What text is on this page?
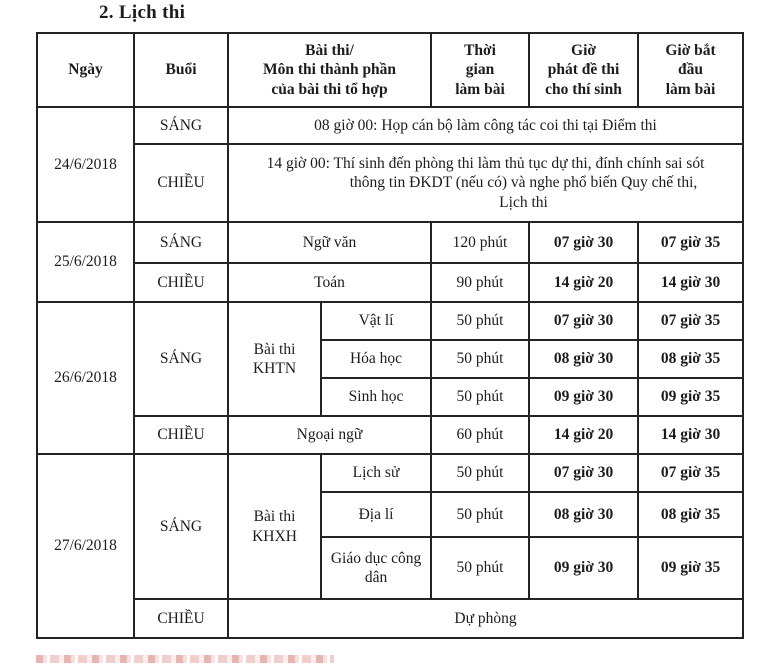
2. Lịch thi
Ngày	Buổi	Bài thi/
Môn thi thành phần
của bài thi tổ hợp		Thời
gian
làm bài	Giờ
phát đề thi
cho thí sinh	Giờ bắt
đầu
làm bài

24/6/2018	SÁNG	08 giờ 00: Họp cán bộ làm công tác coi thi tại Điểm thi				
	CHIỀU	14 giờ 00: Thí sinh đến phòng thi làm thủ tục dự thi, đính chính sai sót
thông tin ĐKDT (nếu có) và nghe phổ biến Quy chế thi,
Lịch thi				

25/6/2018	SÁNG	Ngữ văn		120 phút	07 giờ 30	07 giờ 35
	CHIỀU	Toán		90 phút	14 giờ 20	14 giờ 30
26/6/2018	SÁNG	Bài thi KHTN	Vật lí	50 phút	07 giờ 30	07 giờ 35
			Hóa học	50 phút	08 giờ 30	08 giờ 35
			Sinh học	50 phút	09 giờ 30	09 giờ 35
	CHIỀU	Ngoại ngữ		60 phút	14 giờ 20	14 giờ 30
27/6/2018	SÁNG	Bài thi KHXH	Lịch sử	50 phút	07 giờ 30	07 giờ 35
			Địa lí	50 phút	08 giờ 30	08 giờ 35
			Giáo dục công dân	50 phút	09 giờ 30	09 giờ 35
	CHIỀU	Dự phòng				
